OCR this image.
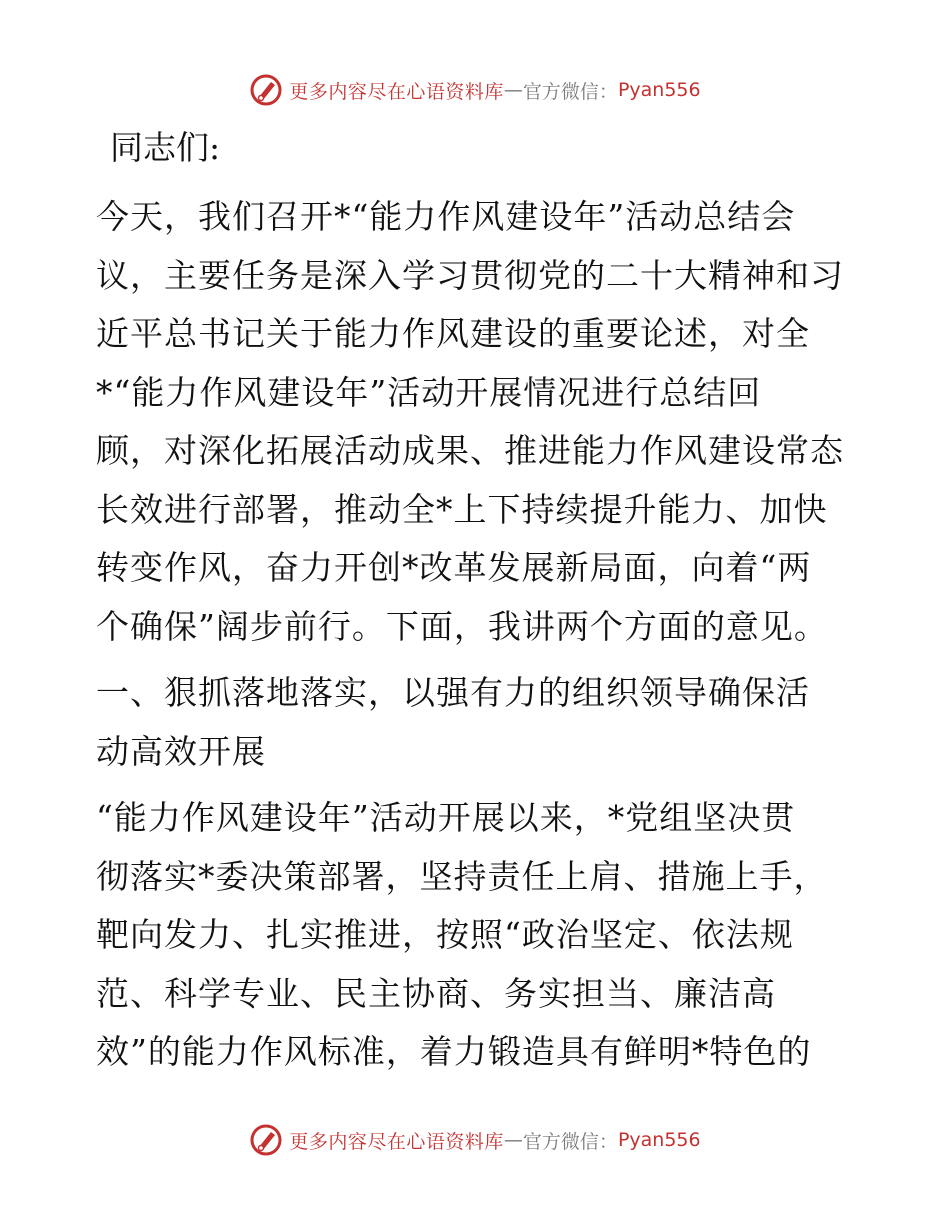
更多内容尽在心语资料库 — 官方微信： Pyan556
同志们:
今天，我们召开*“能力作风建设年”活动总结会
议，主要任务是深入学习贯彻党的二十大精神和习
近平总书记关于能力作风建设的重要论述，对全
*“能力作风建设年”活动开展情况进行总结回
顾，对深化拓展活动成果、推进能力作风建设常态
长效进行部署，推动全*上下持续提升能力、加快
转变作风，奋力开创*改革发展新局面，向着“两
个确保”阔步前行。下面，我讲两个方面的意见。
一、狠抓落地落实，以强有力的组织领导确保活
动高效开展
“能力作风建设年”活动开展以来，*党组坚决贯
彻落实*委决策部署，坚持责任上肩、措施上手，
靶向发力、扎实推进，按照“政治坚定、依法规
范、科学专业、民主协商、务实担当、廉洁高
效”的能力作风标准，着力锻造具有鲜明*特色的
更多内容尽在心语资料库 — 官方微信： Pyan556
